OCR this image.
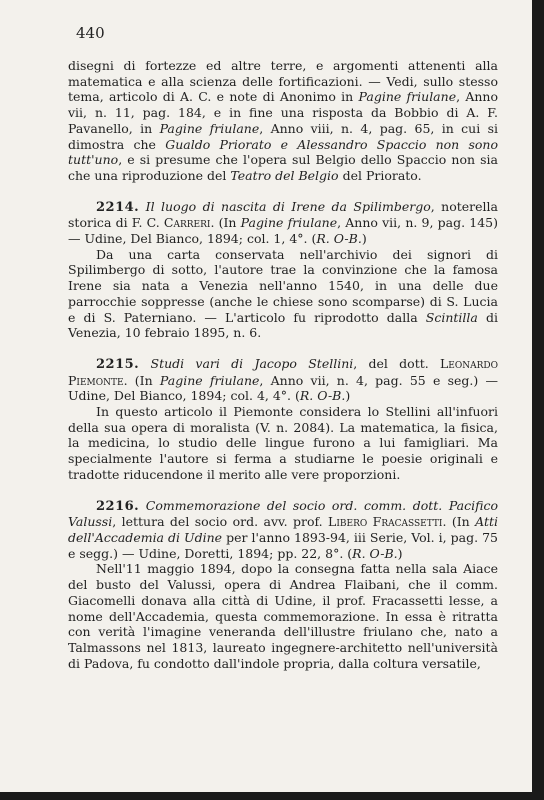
440

disegni di fortezze ed altre terre, e argomenti attenenti alla matematica e alla scienza delle fortificazioni. — Vedi, sullo stesso tema, articolo di A. C. e note di Anonimo in Pagine friulane, Anno vii, n. 11, pag. 184, e in fine una risposta da Bobbio di A. F. Pavanello, in Pagine friulane, Anno viii, n. 4, pag. 65, in cui si dimostra che Gualdo Priorato e Alessandro Spaccio non sono tutt'uno, e si presume che l'opera sul Belgio dello Spaccio non sia che una riproduzione del Teatro del Belgio del Priorato.

2214. Il luogo di nascita di Irene da Spilimbergo, noterella storica di F. C. Carreri. (In Pagine friulane, Anno vii, n. 9, pag. 145) — Udine, Del Bianco, 1894; col. 1, 4°. (R. O-B.)

Da una carta conservata nell'archivio dei signori di Spilimbergo di sotto, l'autore trae la convinzione che la famosa Irene sia nata a Venezia nell'anno 1540, in una delle due parrocchie soppresse (anche le chiese sono scomparse) di S. Lucia e di S. Paterniano. — L'articolo fu riprodotto dalla Scintilla di Venezia, 10 febraio 1895, n. 6.

2215. Studi vari di Jacopo Stellini, del dott. Leonardo Piemonte. (In Pagine friulane, Anno vii, n. 4, pag. 55 e seg.) — Udine, Del Bianco, 1894; col. 4, 4°. (R. O-B.)

In questo articolo il Piemonte considera lo Stellini all'infuori della sua opera di moralista (V. n. 2084). La matematica, la fisica, la medicina, lo studio delle lingue furono a lui famigliari. Ma specialmente l'autore si ferma a studiarne le poesie originali e tradotte riducendone il merito alle vere proporzioni.

2216. Commemorazione del socio ord. comm. dott. Pacifico Valussi, lettura del socio ord. avv. prof. Libero Fracassetti. (In Atti dell'Accademia di Udine per l'anno 1893-94, iii Serie, Vol. i, pag. 75 e segg.) — Udine, Doretti, 1894; pp. 22, 8°. (R. O-B.)

Nell'11 maggio 1894, dopo la consegna fatta nella sala Aiace del busto del Valussi, opera di Andrea Flaibani, che il comm. Giacomelli donava alla città di Udine, il prof. Fracassetti lesse, a nome dell'Accademia, questa commemorazione. In essa è ritratta con verità l'imagine veneranda dell'illustre friulano che, nato a Talmassons nel 1813, laureato ingegnere-architetto nell'università di Padova, fu condotto dall'indole propria, dalla coltura versatile,
